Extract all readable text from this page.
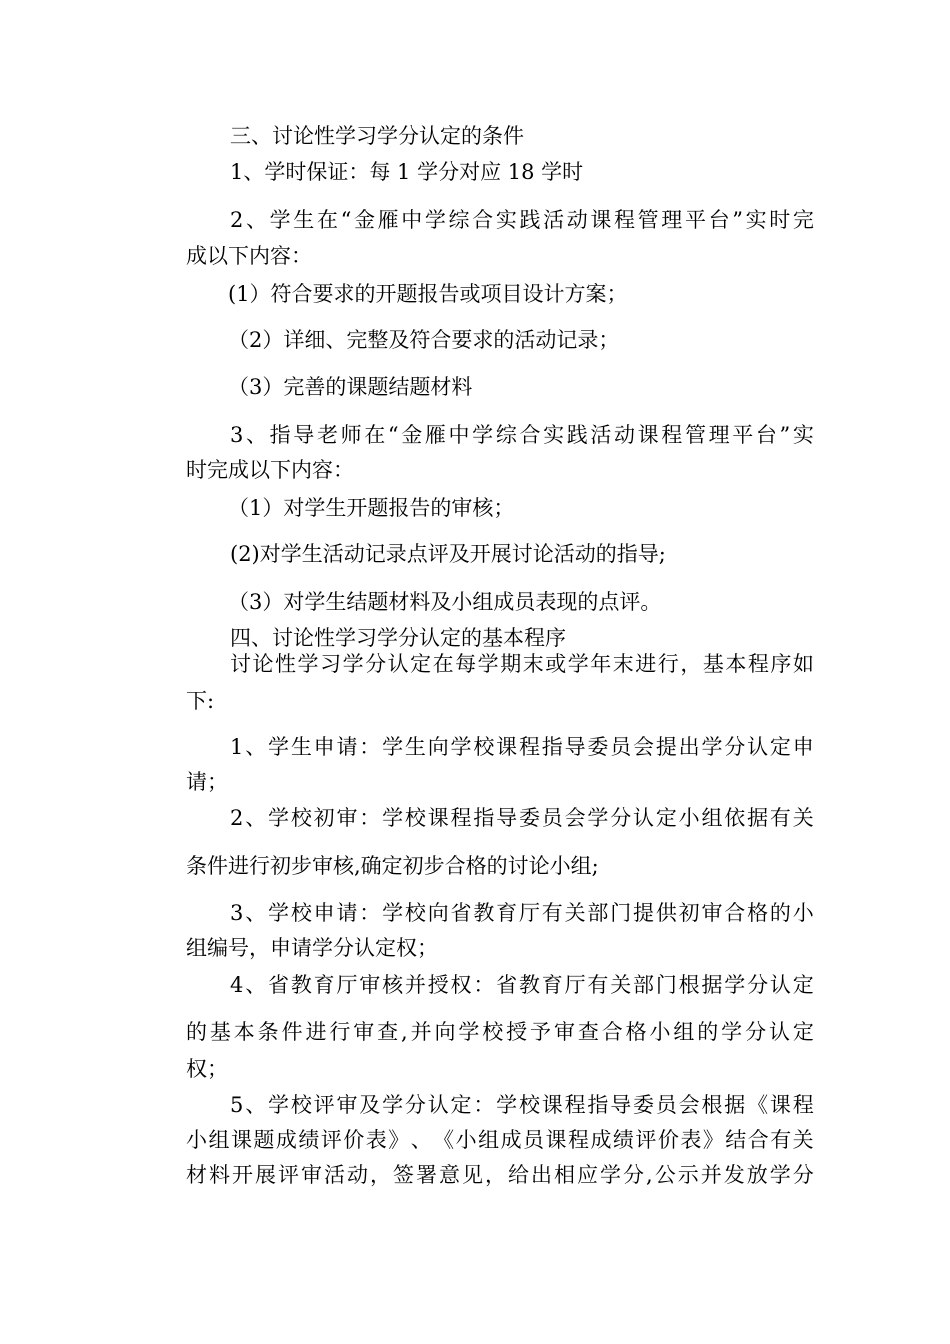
三、讨论性学习学分认定的条件
1、学时保证：每 1 学分对应 18 学时
2 、 学 生 在 “ 金 雁 中 学 综 合 实 践 活 动 课 程 管 理 平 台 ” 实 时 完
成以下内容：
(1）符合要求的开题报告或项目设计方案；
（2）详细、完整及符合要求的活动记录；
（3）完善的课题结题材料
3 、 指 导 老 师 在 “ 金 雁 中 学 综 合 实 践 活 动 课 程 管 理 平 台 ” 实
时完成以下内容：
（1）对学生开题报告的审核；
(2)对学生活动记录点评及开展讨论活动的指导;
（3）对学生结题材料及小组成员表现的点评。
四、讨论性学习学分认定的基本程序
讨 论 性 学 习 学 分 认 定 在 每 学 期 末 或 学 年 末 进 行 ， 基 本 程 序 如
下:
1 、 学 生 申 请 ： 学 生 向 学 校 课 程 指 导 委 员 会 提 出 学 分 认 定 申
请；
2 、 学 校 初 审 ： 学 校 课 程 指 导 委 员 会 学 分 认 定 小 组 依 据 有 关
条件进行初步审核,确定初步合格的讨论小组;
3 、 学 校 申 请 ： 学 校 向 省 教 育 厅 有 关 部 门 提 供 初 审 合 格 的 小
组编号，申请学分认定权；
4 、 省 教 育 厅 审 核 并 授 权 ： 省 教 育 厅 有 关 部 门 根 据 学 分 认 定
的 基 本 条 件 进 行 审 查 , 并 向 学 校 授 予 审 查 合 格 小 组 的 学 分 认 定
权；
5 、 学 校 评 审 及 学 分 认 定 ： 学 校 课 程 指 导 委 员 会 根 据 《 课 程
小 组 课 题 成 绩 评 价 表 》 、 《 小 组 成 员 课 程 成 绩 评 价 表 》 结 合 有 关
材 料 开 展 评 审 活 动 ， 签 署 意 见 ， 给 出 相 应 学 分 , 公 示 并 发 放 学 分
